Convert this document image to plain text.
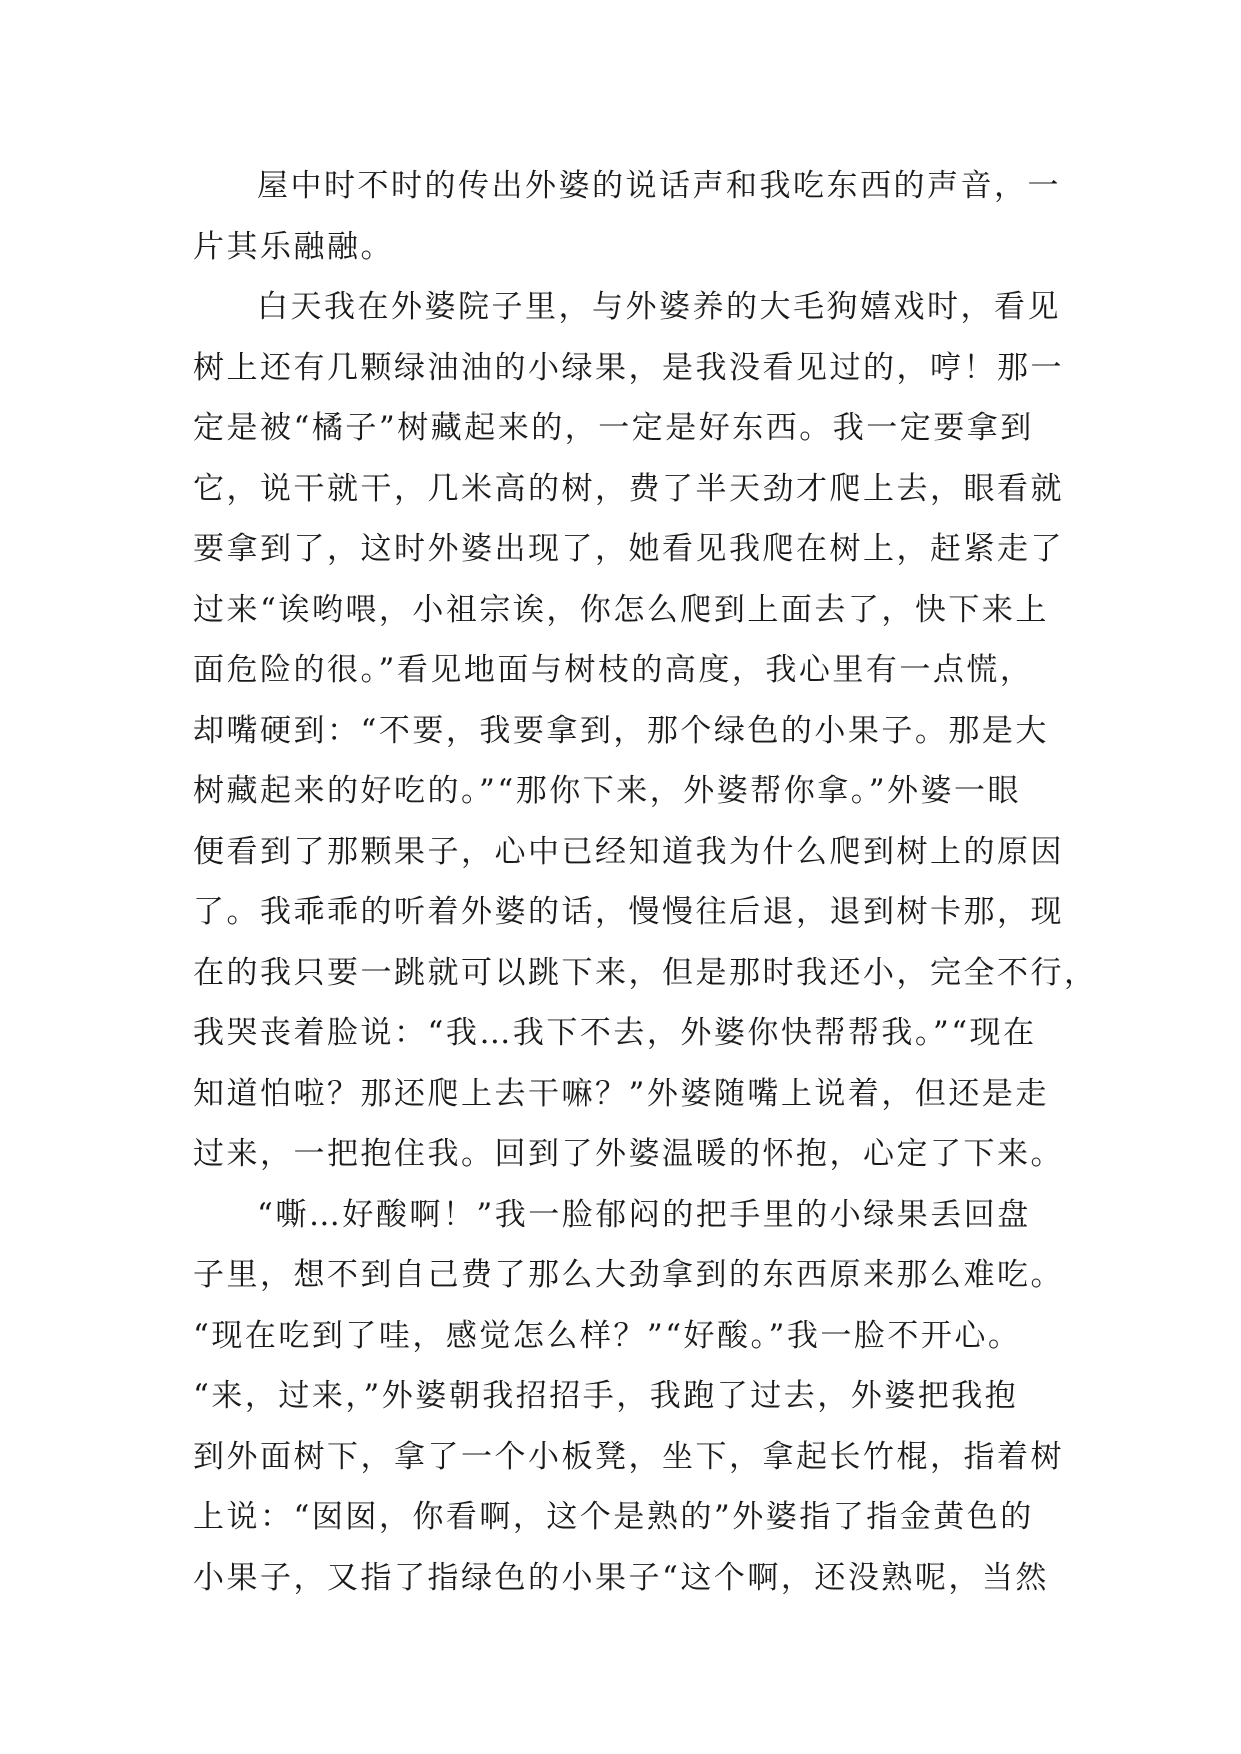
屋中时不时的传出外婆的说话声和我吃东西的声音，一
片其乐融融。
白天我在外婆院子里，与外婆养的大毛狗嬉戏时，看见
树上还有几颗绿油油的小绿果，是我没看见过的，哼！那一
定是被“橘子”树藏起来的，一定是好东西。我一定要拿到
它，说干就干，几米高的树，费了半天劲才爬上去，眼看就
要拿到了，这时外婆出现了，她看见我爬在树上，赶紧走了
过来“诶哟喂，小祖宗诶，你怎么爬到上面去了，快下来上
面危险的很。”看见地面与树枝的高度，我心里有一点慌，
却嘴硬到：“不要，我要拿到，那个绿色的小果子。那是大
树藏起来的好吃的。”“那你下来，外婆帮你拿。”外婆一眼
便看到了那颗果子，心中已经知道我为什么爬到树上的原因
了。我乖乖的听着外婆的话，慢慢往后退，退到树卡那，现
在的我只要一跳就可以跳下来，但是那时我还小，完全不行，
我哭丧着脸说：“我…我下不去，外婆你快帮帮我。”“现在
知道怕啦？那还爬上去干嘛？”外婆随嘴上说着，但还是走
过来，一把抱住我。回到了外婆温暖的怀抱，心定了下来。
“嘶…好酸啊！”我一脸郁闷的把手里的小绿果丢回盘
子里，想不到自己费了那么大劲拿到的东西原来那么难吃。
“现在吃到了哇，感觉怎么样？”“好酸。”我一脸不开心。
“来，过来，”外婆朝我招招手，我跑了过去，外婆把我抱
到外面树下，拿了一个小板凳，坐下，拿起长竹棍，指着树
上说：“囡囡，你看啊，这个是熟的”外婆指了指金黄色的
小果子，又指了指绿色的小果子“这个啊，还没熟呢，当然
